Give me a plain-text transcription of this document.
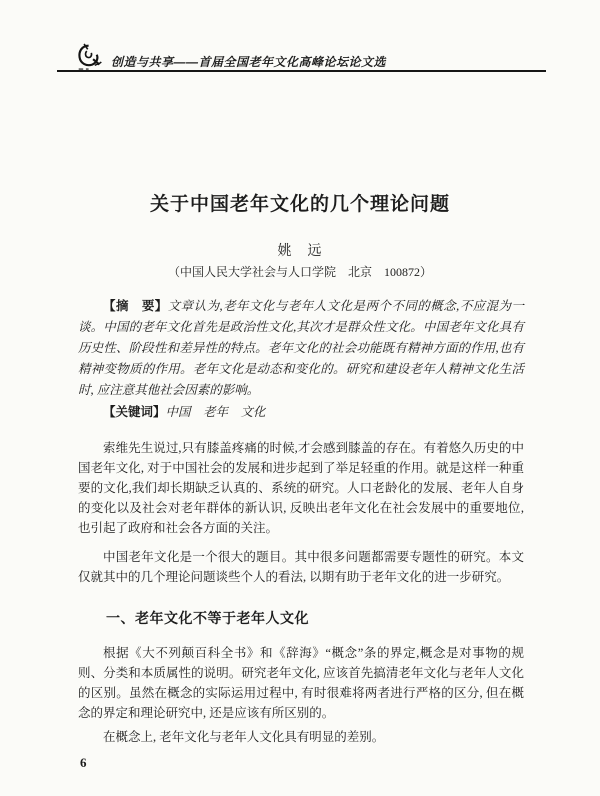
创造与共享——首届全国老年文化高峰论坛论文选
关于中国老年文化的几个理论问题
姚　远
（中国人民大学社会与人口学院　北京　100872）

【摘　要】文章认为,老年文化与老年人文化是两个不同的概念,不应混为一谈。中国的老年文化首先是政治性文化,其次才是群众性文化。中国老年文化具有历史性、阶段性和差异性的特点。老年文化的社会功能既有精神方面的作用,也有精神变物质的作用。老年文化是动态和变化的。研究和建设老年人精神文化生活时, 应注意其他社会因素的影响。

【关键词】中国　老年　文化

索维先生说过,只有膝盖疼痛的时候,才会感到膝盖的存在。有着悠久历史的中国老年文化, 对于中国社会的发展和进步起到了举足轻重的作用。就是这样一种重要的文化,我们却长期缺乏认真的、系统的研究。人口老龄化的发展、老年人自身的变化以及社会对老年群体的新认识, 反映出老年文化在社会发展中的重要地位,也引起了政府和社会各方面的关注。

中国老年文化是一个很大的题目。其中很多问题都需要专题性的研究。本文仅就其中的几个理论问题谈些个人的看法, 以期有助于老年文化的进一步研究。

一、老年文化不等于老年人文化

根据《大不列颠百科全书》和《辞海》“概念”条的界定,概念是对事物的规则、分类和本质属性的说明。研究老年文化, 应该首先搞清老年文化与老年人文化的区别。虽然在概念的实际运用过程中, 有时很难将两者进行严格的区分, 但在概念的界定和理论研究中, 还是应该有所区别的。

在概念上, 老年文化与老年人文化具有明显的差别。

6
